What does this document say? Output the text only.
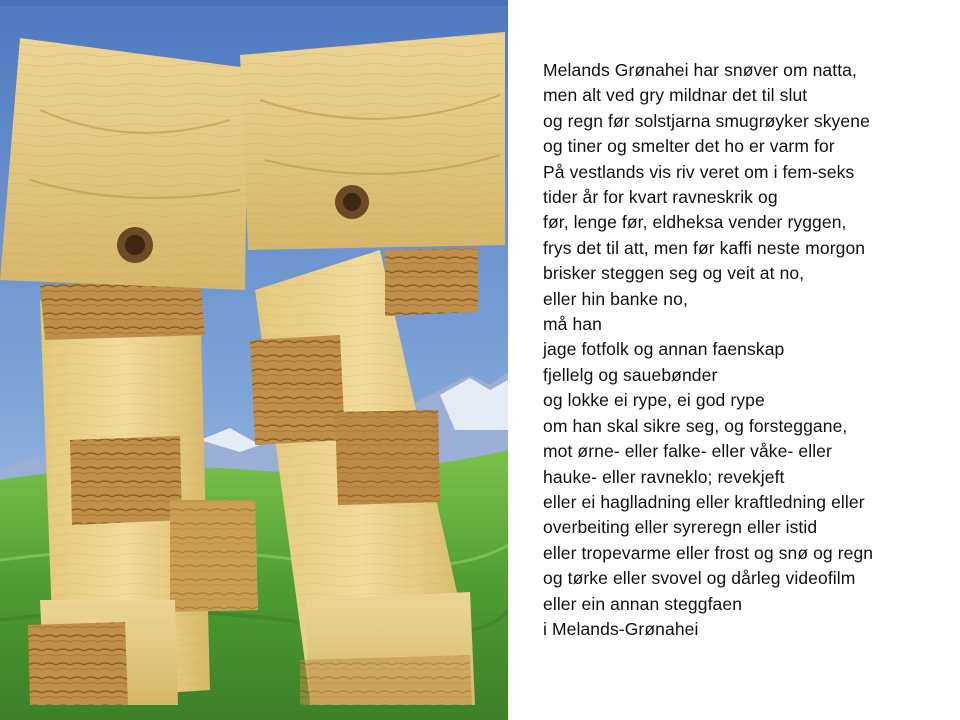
Melands Grønahei har snøver om natta,
men alt ved gry mildnar det til slut
og regn før solstjarna smugrøyker skyene
og tiner og smelter det ho er varm for
På vestlands vis riv veret om i fem-seks
tider år for kvart ravneskrik og
før, lenge før, eldheksa vender ryggen,
frys det til att, men før kaffi neste morgon
brisker steggen seg og veit at no,
eller hin banke no,
må han
jage fotfolk og annan faenskap
fjellelg og sauebønder
og lokke ei rype, ei god rype
om han skal sikre seg, og forsteggane,
mot ørne- eller falke- eller våke- eller
hauke- eller ravneklo; revekjeft
eller ei haglladning eller kraftledning eller
overbeiting eller syreregn eller istid
eller tropevarme eller frost og snø og regn
og tørke eller svovel og dårleg videofilm
eller ein annan steggfaen
i Melands-Grønahei
